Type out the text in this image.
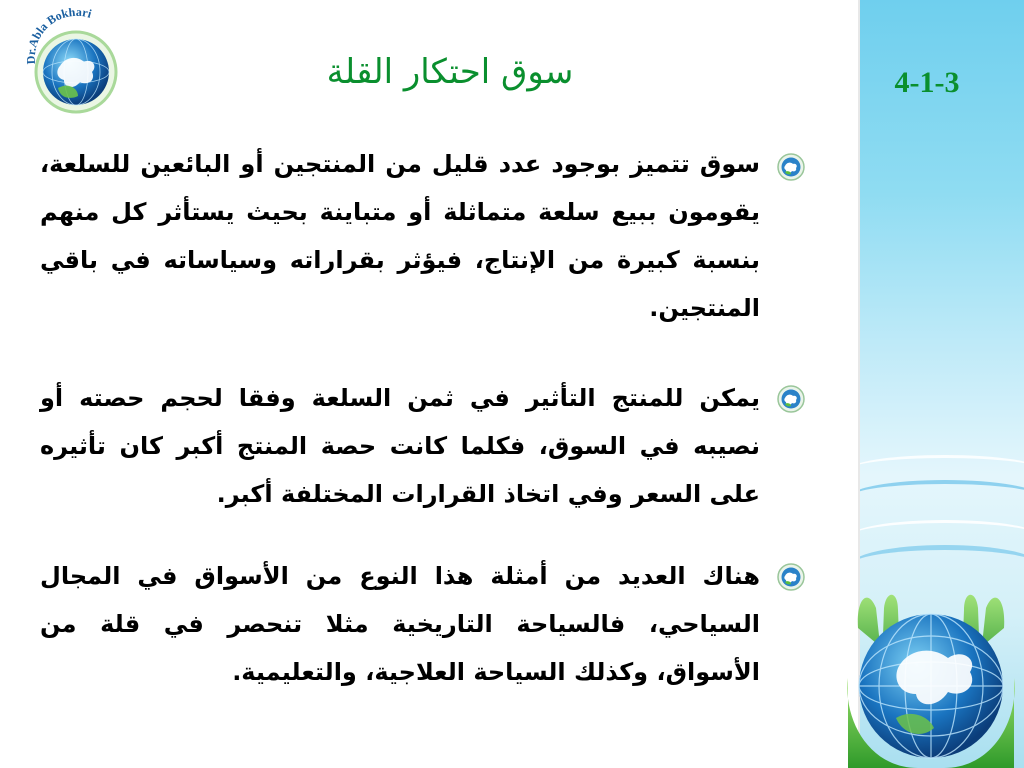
4-1-3
Dr.Abla Bokhari
سوق احتكار القلة

سوق تتميز بوجود عدد قليل من المنتجين أو البائعين للسلعة، يقومون ببيع سلعة متماثلة أو متباينة بحيث يستأثر كل منهم بنسبة كبيرة من الإنتاج، فيؤثر بقراراته وسياساته في باقي المنتجين.

يمكن للمنتج التأثير في ثمن السلعة وفقا لحجم حصته أو نصيبه في السوق، فكلما كانت حصة المنتج أكبر كان تأثيره على السعر وفي اتخاذ القرارات المختلفة أكبر.

هناك العديد من أمثلة هذا النوع من الأسواق في المجال السياحي، فالسياحة التاريخية مثلا تنحصر في قلة من الأسواق، وكذلك السياحة العلاجية، والتعليمية.
